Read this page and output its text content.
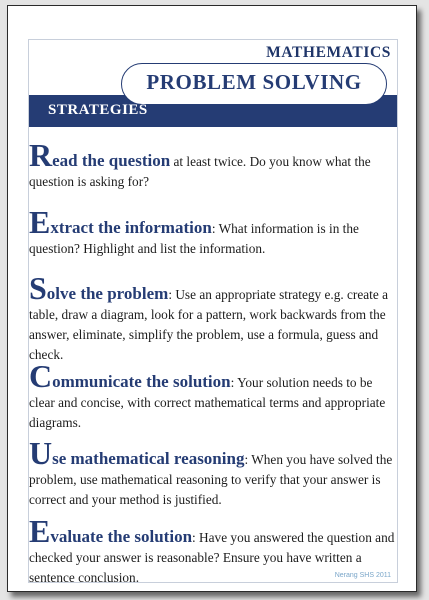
MATHEMATICS
PROBLEM SOLVING
STRATEGIES

Read the question at least twice. Do you know what the question is asking for?

Extract the information: What information is in the question? Highlight and list the information.

Solve the problem: Use an appropriate strategy e.g. create a table, draw a diagram, look for a pattern, work backwards from the answer, eliminate, simplify the problem, use a formula, guess and check.

Communicate the solution: Your solution needs to be clear and concise, with correct mathematical terms and appropriate diagrams.

Use mathematical reasoning: When you have solved the problem, use mathematical reasoning to verify that your answer is correct and your method is justified.

Evaluate the solution: Have you answered the question and checked your answer is reasonable? Ensure you have written a sentence conclusion.	Nerang SHS 2011
